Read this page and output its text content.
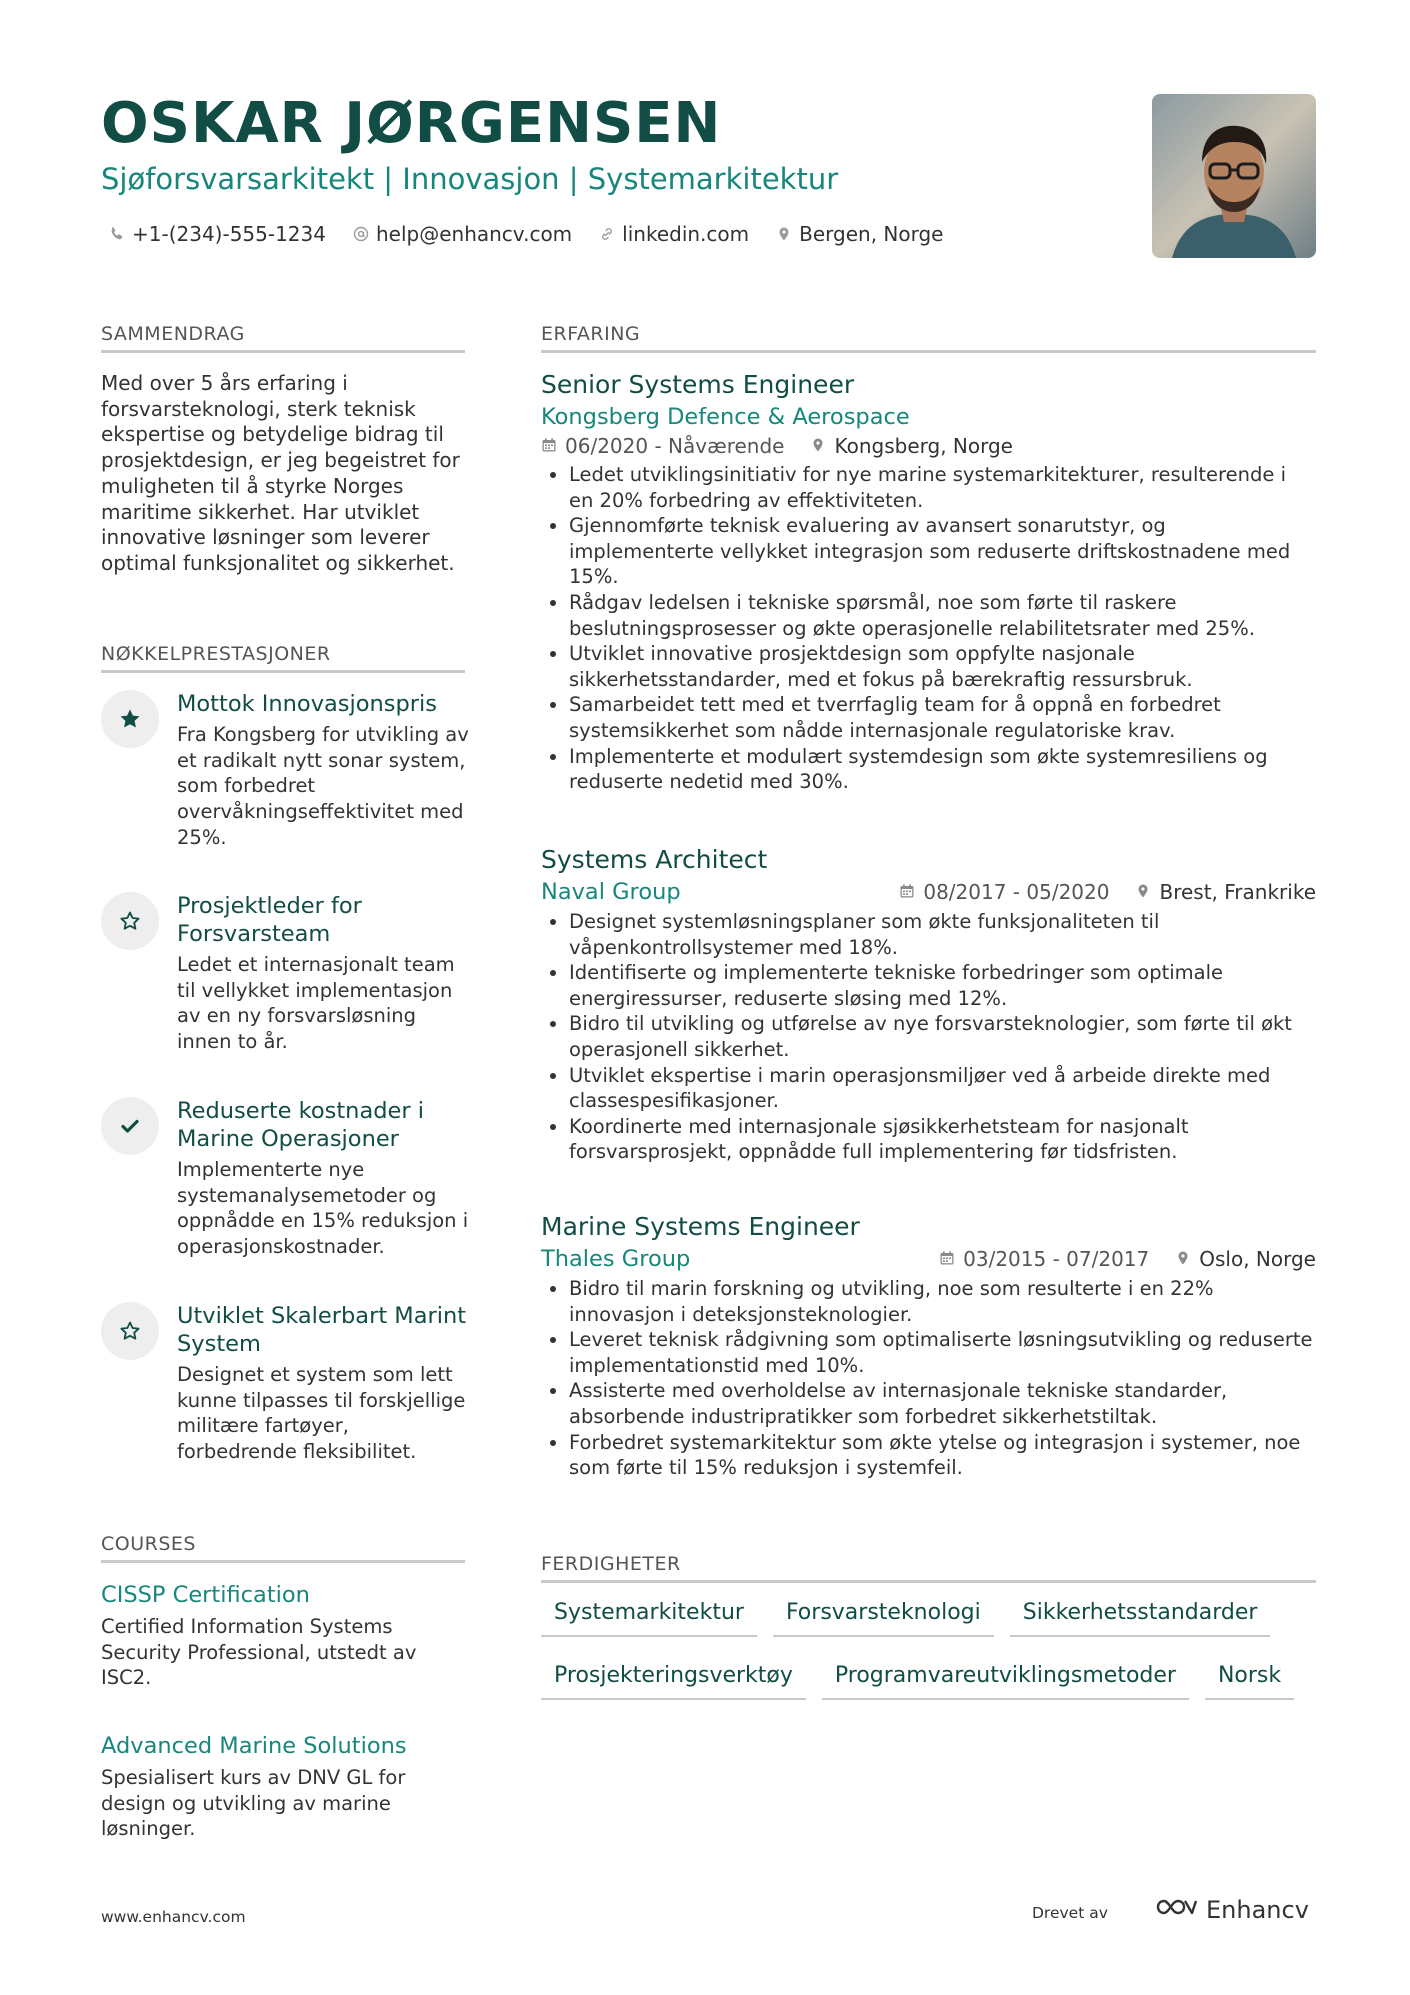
OSKAR JØRGENSEN
Sjøforsvarsarkitekt | Innovasjon | Systemarkitektur
+1-(234)-555-1234	help@enhancv.com	linkedin.com	Bergen, Norge
SAMMENDRAG
Med over 5 års erfaring i forsvarsteknologi, sterk teknisk ekspertise og betydelige bidrag til prosjektdesign, er jeg begeistret for muligheten til å styrke Norges maritime sikkerhet. Har utviklet innovative løsninger som leverer optimal funksjonalitet og sikkerhet.
NØKKELPRESTASJONER
Mottok Innovasjonspris
Fra Kongsberg for utvikling av et radikalt nytt sonar system, som forbedret overvåkningseffektivitet med 25%.
Prosjektleder for Forsvarsteam
Ledet et internasjonalt team til vellykket implementasjon av en ny forsvarsløsning innen to år.
Reduserte kostnader i Marine Operasjoner
Implementerte nye systemanalysemetoder og oppnådde en 15% reduksjon i operasjonskostnader.
Utviklet Skalerbart Marint System
Designet et system som lett kunne tilpasses til forskjellige militære fartøyer, forbedrende fleksibilitet.
COURSES
CISSP Certification
Certified Information Systems Security Professional, utstedt av ISC2.
Advanced Marine Solutions
Spesialisert kurs av DNV GL for design og utvikling av marine løsninger.
ERFARING
Senior Systems Engineer
Kongsberg Defence & Aerospace
06/2020 - Nåværende	Kongsberg, Norge
• Ledet utviklingsinitiativ for nye marine systemarkitekturer, resulterende i en 20% forbedring av effektiviteten.
• Gjennomførte teknisk evaluering av avansert sonarutstyr, og implementerte vellykket integrasjon som reduserte driftskostnadene med 15%.
• Rådgav ledelsen i tekniske spørsmål, noe som førte til raskere beslutningsprosesser og økte operasjonelle relabilitetsrater med 25%.
• Utviklet innovative prosjektdesign som oppfylte nasjonale sikkerhetsstandarder, med et fokus på bærekraftig ressursbruk.
• Samarbeidet tett med et tverrfaglig team for å oppnå en forbedret systemsikkerhet som nådde internasjonale regulatoriske krav.
• Implementerte et modulært systemdesign som økte systemresiliens og reduserte nedetid med 30%.
Systems Architect
Naval Group	08/2017 - 05/2020	Brest, Frankrike
• Designet systemløsningsplaner som økte funksjonaliteten til våpenkontrollsystemer med 18%.
• Identifiserte og implementerte tekniske forbedringer som optimale energiressurser, reduserte sløsing med 12%.
• Bidro til utvikling og utførelse av nye forsvarsteknologier, som førte til økt operasjonell sikkerhet.
• Utviklet ekspertise i marin operasjonsmiljøer ved å arbeide direkte med classespesifikasjoner.
• Koordinerte med internasjonale sjøsikkerhetsteam for nasjonalt forsvarsprosjekt, oppnådde full implementering før tidsfristen.
Marine Systems Engineer
Thales Group	03/2015 - 07/2017	Oslo, Norge
• Bidro til marin forskning og utvikling, noe som resulterte i en 22% innovasjon i deteksjonsteknologier.
• Leveret teknisk rådgivning som optimaliserte løsningsutvikling og reduserte implementationstid med 10%.
• Assisterte med overholdelse av internasjonale tekniske standarder, absorbende industripratikker som forbedret sikkerhetstiltak.
• Forbedret systemarkitektur som økte ytelse og integrasjon i systemer, noe som førte til 15% reduksjon i systemfeil.
FERDIGHETER
Systemarkitektur	Forsvarsteknologi	Sikkerhetsstandarder
Prosjekteringsverktøy	Programvareutviklingsmetoder	Norsk
www.enhancv.com	Drevet av	Enhancv
